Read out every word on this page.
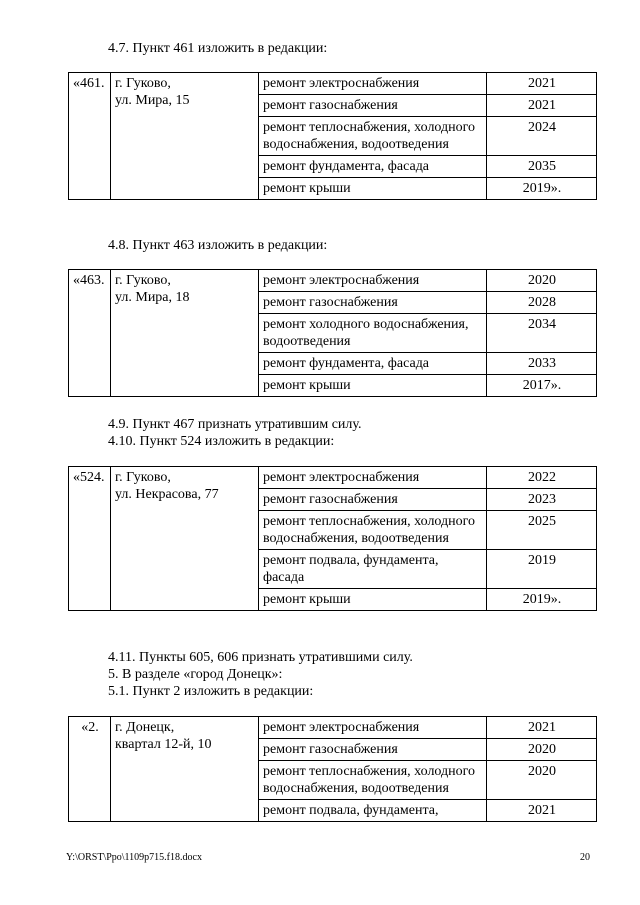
4.7. Пункт 461 изложить в редакции:
«461.	г. Гуково,
ул. Мира, 15	ремонт электроснабжения	2021
		ремонт газоснабжения	2021
		ремонт теплоснабжения, холодного водоснабжения, водоотведения	2024
		ремонт фундамента, фасада	2035
		ремонт крыши	2019».
4.8. Пункт 463 изложить в редакции:
«463.	г. Гуково,
ул. Мира, 18	ремонт электроснабжения	2020
		ремонт газоснабжения	2028
		ремонт холодного водоснабжения, водоотведения	2034
		ремонт фундамента, фасада	2033
		ремонт крыши	2017».
4.9. Пункт 467 признать утратившим силу.
4.10. Пункт 524 изложить в редакции:
«524.	г. Гуково,
ул. Некрасова, 77	ремонт электроснабжения	2022
		ремонт газоснабжения	2023
		ремонт теплоснабжения, холодного водоснабжения, водоотведения	2025
		ремонт подвала, фундамента, фасада	2019
		ремонт крыши	2019».
4.11. Пункты 605, 606 признать утратившими силу.
5. В разделе «город Донецк»:
5.1. Пункт 2 изложить в редакции:
«2.	г. Донецк,
квартал 12-й, 10	ремонт электроснабжения	2021
		ремонт газоснабжения	2020
		ремонт теплоснабжения, холодного водоснабжения, водоотведения	2020
		ремонт подвала, фундамента,	2021
Y:\ORST\Ppo\1109p715.f18.docx	20
